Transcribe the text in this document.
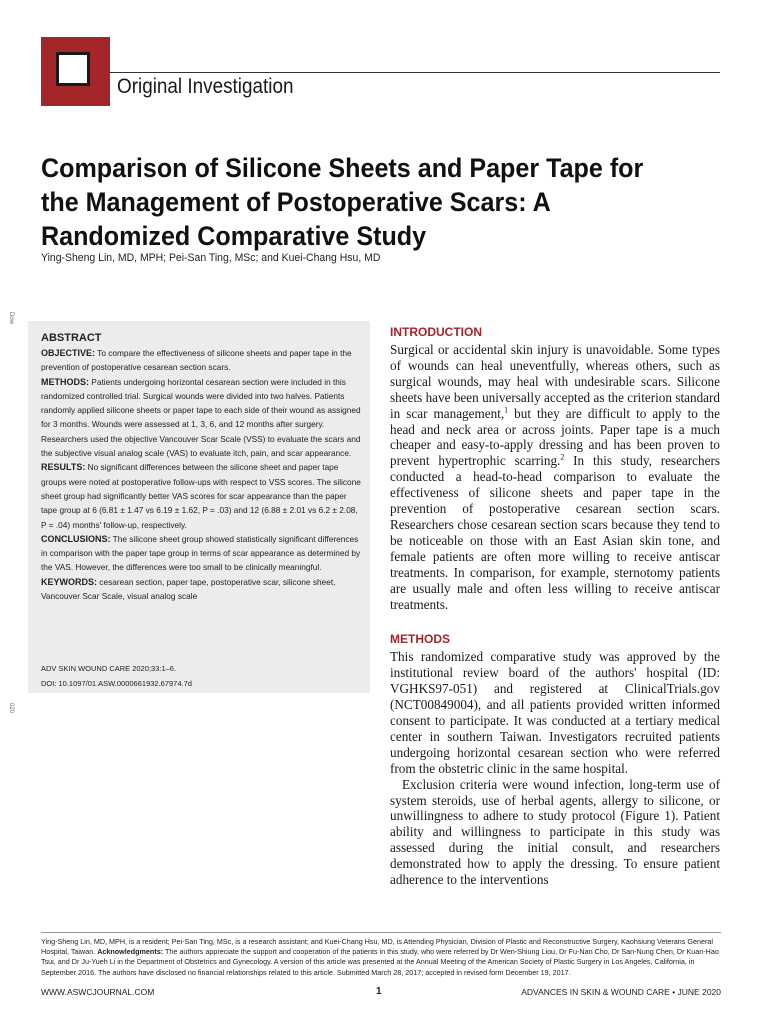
Original Investigation
Comparison of Silicone Sheets and Paper Tape for the Management of Postoperative Scars: A Randomized Comparative Study
Ying-Sheng Lin, MD, MPH; Pei-San Ting, MSc; and Kuei-Chang Hsu, MD
Dow
020
ABSTRACT

OBJECTIVE: To compare the effectiveness of silicone sheets and paper tape in the prevention of postoperative cesarean section scars.

METHODS: Patients undergoing horizontal cesarean section were included in this randomized controlled trial. Surgical wounds were divided into two halves. Patients randomly applied silicone sheets or paper tape to each side of their wound as assigned for 3 months. Wounds were assessed at 1, 3, 6, and 12 months after surgery. Researchers used the objective Vancouver Scar Scale (VSS) to evaluate the scars and the subjective visual analog scale (VAS) to evaluate itch, pain, and scar appearance.

RESULTS: No significant differences between the silicone sheet and paper tape groups were noted at postoperative follow-ups with respect to VSS scores. The silicone sheet group had significantly better VAS scores for scar appearance than the paper tape group at 6 (6.81 ± 1.47 vs 6.19 ± 1.62, P = .03) and 12 (6.88 ± 2.01 vs 6.2 ± 2.08, P = .04) months' follow-up, respectively.

CONCLUSIONS: The silicone sheet group showed statistically significant differences in comparison with the paper tape group in terms of scar appearance as determined by the VAS. However, the differences were too small to be clinically meaningful.

KEYWORDS: cesarean section, paper tape, postoperative scar, silicone sheet, Vancouver Scar Scale, visual analog scale

ADV SKIN WOUND CARE 2020;33:1–6.
DOI: 10.1097/01.ASW.0000661932.67974.7d
INTRODUCTION

Surgical or accidental skin injury is unavoidable. Some types of wounds can heal uneventfully, whereas others, such as surgical wounds, may heal with undesirable scars. Silicone sheets have been universally accepted as the criterion standard in scar management,$^1$ but they are difficult to apply to the head and neck area or across joints. Paper tape is a much cheaper and easy-to-apply dressing and has been proven to prevent hypertrophic scarring.$^2$ In this study, researchers conducted a head-to-head comparison to evaluate the effectiveness of silicone sheets and paper tape in the prevention of postoperative cesarean section scars. Researchers chose cesarean section scars because they tend to be noticeable on those with an East Asian skin tone, and female patients are often more willing to receive antiscar treatments. In comparison, for example, sternotomy patients are usually male and often less willing to receive antiscar treatments.

METHODS

This randomized comparative study was approved by the institutional review board of the authors' hospital (ID: VGHKS97-051) and registered at ClinicalTrials.gov (NCT00849004), and all patients provided written informed consent to participate. It was conducted at a tertiary medical center in southern Taiwan. Investigators recruited patients undergoing horizontal cesarean section who were referred from the obstetric clinic in the same hospital.

Exclusion criteria were wound infection, long-term use of system steroids, use of herbal agents, allergy to silicone, or unwillingness to adhere to study protocol (Figure 1). Patient ability and willingness to participate in this study was assessed during the initial consult, and researchers demonstrated how to apply the dressing. To ensure patient adherence to the interventions

Ying-Sheng Lin, MD, MPH, is a resident; Pei-San Ting, MSc, is a research assistant; and Kuei-Chang Hsu, MD, is Attending Physician, Division of Plastic and Reconstructive Surgery, Kaohsiung Veterans General Hospital, Taiwan. Acknowledgments: The authors appreciate the support and cooperation of the patients in this study, who were referred by Dr Wen-Shiung Liou, Dr Fu-Nan Cho, Dr San-Nung Chen, Dr Kuan-Hao Tsui, and Dr Ju-Yueh Li in the Department of Obstetrics and Gynecology. A version of this article was presented at the Annual Meeting of the American Society of Plastic Surgery in Los Angeles, California, in September 2016. The authors have disclosed no financial relationships related to this article. Submitted March 28, 2017; accepted in revised form December 19, 2017.
WWW.ASWCJOURNAL.COM	1	ADVANCES IN SKIN & WOUND CARE • JUNE 2020
